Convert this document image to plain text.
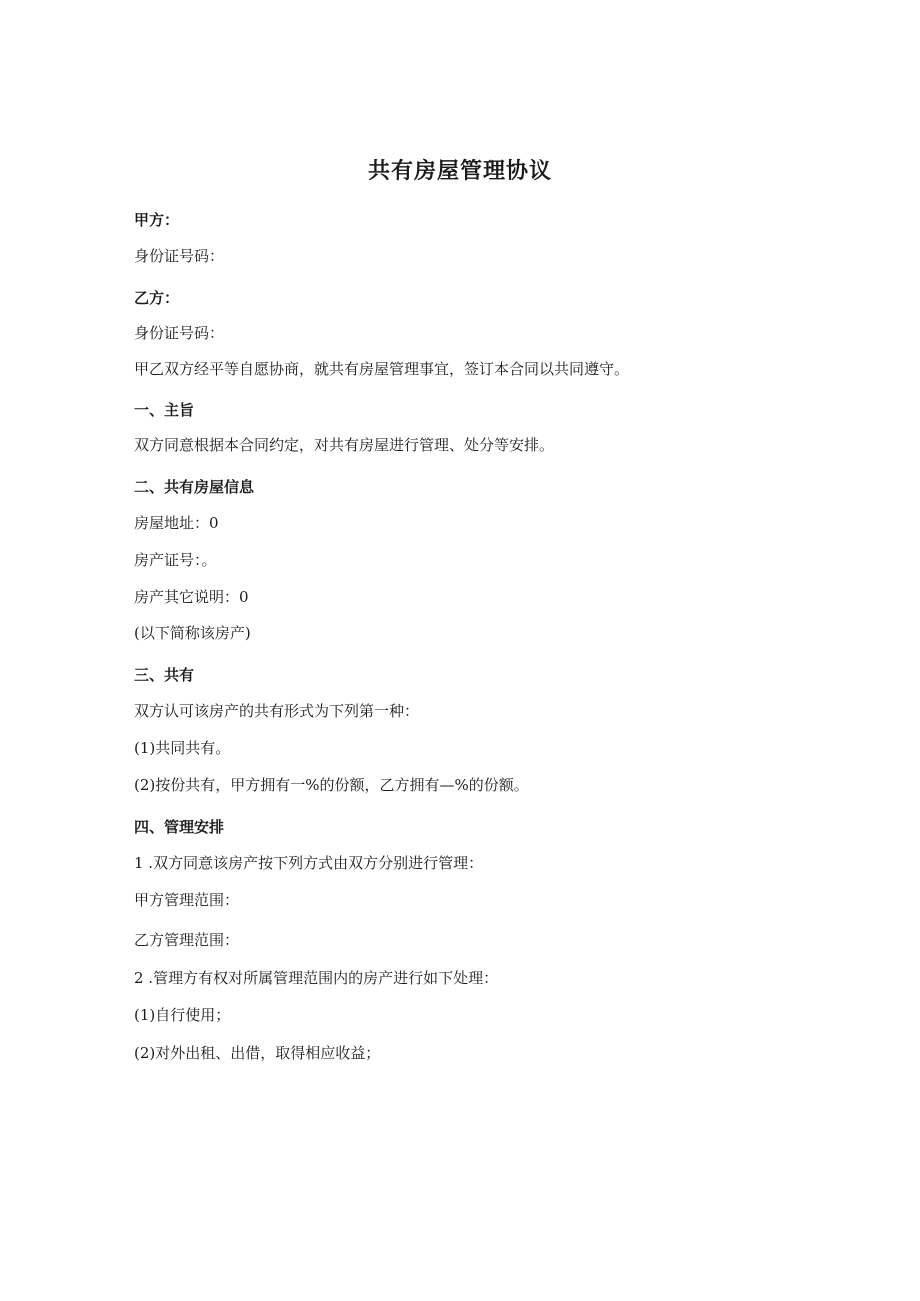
共有房屋管理协议
甲方：
身份证号码：
乙方：
身份证号码：
甲乙双方经平等自愿协商，就共有房屋管理事宜，签订本合同以共同遵守。
一、主旨
双方同意根据本合同约定，对共有房屋进行管理、处分等安排。
二、共有房屋信息
房屋地址：0
房产证号：。
房产其它说明：0
(以下简称该房产)
三、共有
双方认可该房产的共有形式为下列第一种：
(1)共同共有。
(2)按份共有，甲方拥有一%的份额，乙方拥有—%的份额。
四、管理安排
1 .双方同意该房产按下列方式由双方分别进行管理：
甲方管理范围：
乙方管理范围：
2 .管理方有权对所属管理范围内的房产进行如下处理：
(1)自行使用；
(2)对外出租、出借，取得相应收益；
